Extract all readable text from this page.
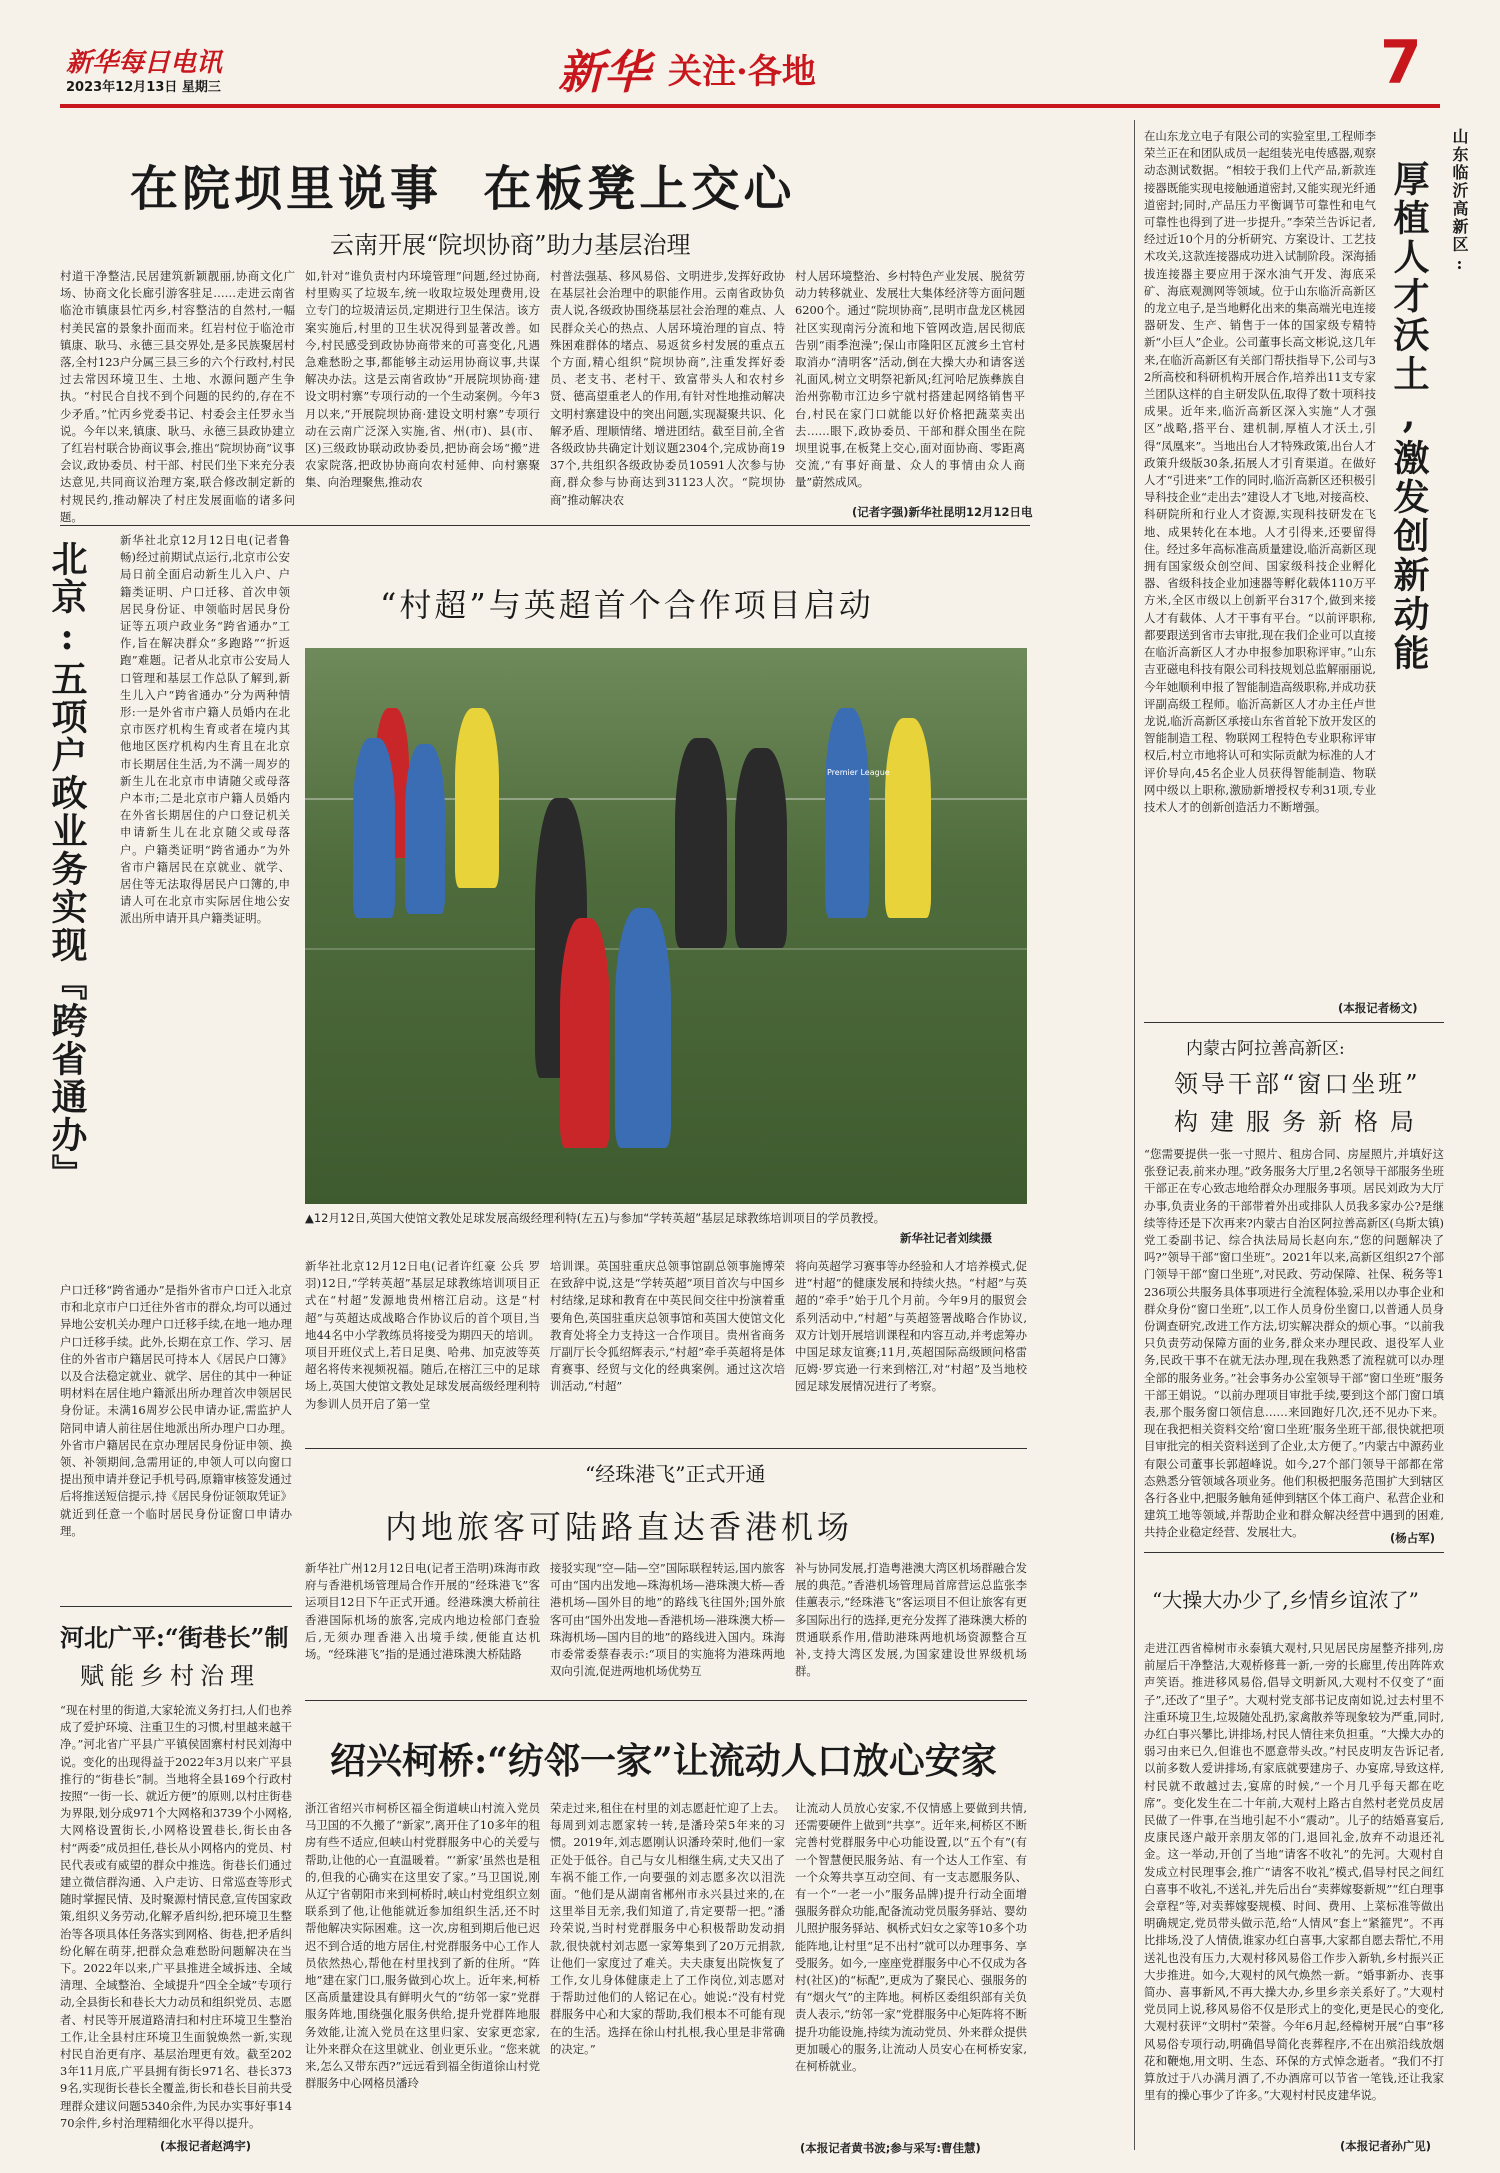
新华每日电讯
2023年12月13日 星期三	新华 关注·各地	7
在院坝里说事  在板凳上交心
云南开展“院坝协商”助力基层治理
村道干净整洁,民居建筑新颖靓丽,协商文化广场、协商文化长廊引游客驻足……走进云南省临沧市镇康县忙丙乡,村容整洁的自然村,一幅村美民富的景象扑面而来。红岩村位于临沧市镇康、耿马、永德三县交界处,是多民族聚居村落,全村123户分属三县三乡的六个行政村,村民过去常因环境卫生、土地、水源问题产生争执。“村民合自找不到个问题的民约的,存在不少矛盾。”忙丙乡党委书记、村委会主任罗永当说。今年以来,镇康、耿马、永德三县政协建立了红岩村联合协商议事会,推出“院坝协商”议事会议,政协委员、村干部、村民们坐下来充分表达意见,共同商议治理方案,联合修改制定新的村规民约,推动解决了村庄发展面临的诸多问题。
如,针对“谁负责村内环境管理”问题,经过协商,村里购买了垃圾车,统一收取垃圾处理费用,设立专门的垃圾清运员,定期进行卫生保洁。该方案实施后,村里的卫生状况得到显著改善。如今,村民感受到政协协商带来的可喜变化,凡遇急难愁盼之事,都能够主动运用协商议事,共谋解决办法。这是云南省政协“开展院坝协商·建设文明村寨”专项行动的一个生动案例。今年3月以来,“开展院坝协商·建设文明村寨”专项行动在云南广泛深入实施,省、州(市)、县(市、区)三级政协联动政协委员,把协商会场“搬”进农家院落,把政协协商向农村延伸、向村寨聚集、向治理聚焦,推动农
村普法强基、移风易俗、文明进步,发挥好政协在基层社会治理中的职能作用。云南省政协负责人说,各级政协围绕基层社会治理的难点、人民群众关心的热点、人居环境治理的盲点、特殊困难群体的堵点、易返贫乡村发展的重点五个方面,精心组织“院坝协商”,注重发挥好委员、老支书、老村干、致富带头人和农村乡贤、德高望重老人的作用,有针对性地推动解决文明村寨建设中的突出问题,实现凝聚共识、化解矛盾、理顺情绪、增进团结。截至目前,全省各级政协共确定计划议题2304个,完成协商1937个,共组织各级政协委员10591人次参与协商,群众参与协商达到31123人次。“院坝协商”推动解决农
村人居环境整治、乡村特色产业发展、脱贫劳动力转移就业、发展壮大集体经济等方面问题6200个。通过“院坝协商”,昆明市盘龙区桃园社区实现南污分流和地下管网改造,居民彻底告别“雨季泡澡”;保山市隆阳区瓦渡乡土官村取消办“清明客”活动,倒在大操大办和请客送礼面风,树立文明祭祀新风;红河哈尼族彝族自治州弥勒市江边乡宁就村搭建起网络销售平台,村民在家门口就能以好价格把蔬菜卖出去……眼下,政协委员、干部和群众围坐在院坝里说事,在板凳上交心,面对面协商、零距离交流,“有事好商量、众人的事情由众人商量”蔚然成风。
(记者字强)新华社昆明12月12日电
北京:五项户政业务实现『跨省通办』	新华社北京12月12日电(记者鲁畅)经过前期试点运行,北京市公安局日前全面启动新生儿入户、户籍类证明、户口迁移、首次申领居民身份证、申领临时居民身份证等五项户政业务“跨省通办”工作,旨在解决群众“多跑路”“折返跑”难题。记者从北京市公安局人口管理和基层工作总队了解到,新生儿入户“跨省通办”分为两种情形:一是外省市户籍人员婚内在北京市医疗机构生育或者在境内其他地区医疗机构内生育且在北京市长期居住生活,为不满一周岁的新生儿在北京市申请随父或母落户本市;二是北京市户籍人员婚内在外省长期居住的户口登记机关申请新生儿在北京随父或母落户。户籍类证明“跨省通办”为外省市户籍居民在京就业、就学、居住等无法取得居民户口簿的,申请人可在北京市实际居住地公安派出所申请开具户籍类证明。
户口迁移“跨省通办”是指外省市户口迁入北京市和北京市户口迁往外省市的群众,均可以通过异地公安机关办理户口迁移手续,在地一地办理户口迁移手续。此外,长期在京工作、学习、居住的外省市户籍居民可持本人《居民户口簿》以及合法稳定就业、就学、居住的其中一种证明材料在居住地户籍派出所办理首次申领居民身份证。未满16周岁公民申请办证,需监护人陪同申请人前往居住地派出所办理户口办理。外省市户籍居民在京办理居民身份证申领、换领、补领期间,急需用证的,申领人可以向窗口提出预申请并登记手机号码,原籍审核签发通过后将推送短信提示,持《居民身份证领取凭证》就近到任意一个临时居民身份证窗口申请办理。
河北广平:“街巷长”制
赋能乡村治理
“现在村里的街道,大家轮流义务打扫,人们也养成了爱护环境、注重卫生的习惯,村里越来越干净。”河北省广平县广平镇侯固寨村村民刘海中说。变化的出现得益于2022年3月以来广平县推行的“街巷长”制。当地将全县169个行政村按照“一街一长、就近方便”的原则,以村庄街巷为界限,划分成971个大网格和3739个小网格,大网格设置街长,小网格设置巷长,街长由各村“两委”成员担任,巷长从小网格内的党员、村民代表或有威望的群众中推选。街巷长们通过建立微信群沟通、入户走访、日常巡查等形式随时掌握民情、及时聚源村情民意,宣传国家政策,组织义务劳动,化解矛盾纠纷,把环境卫生整治等各项具体任务落实到网格、街巷,把矛盾纠纷化解在萌芽,把群众急难愁盼问题解决在当下。2022年以来,广平县推进全域拆违、全域清理、全域整治、全域提升“四全全域”专项行动,全县街长和巷长大力动员和组织党员、志愿者、村民等开展道路清扫和村庄环境卫生整治工作,让全县村庄环境卫生面貌焕然一新,实现村民自治更有序、基层治理更有效。截至2023年11月底,广平县拥有街长971名、巷长3739名,实现街长巷长全覆盖,街长和巷长目前共受理群众建议问题5340余件,为民办实事好事1470余件,乡村治理精细化水平得以提升。
(本报记者赵鸿宇)
“村超”与英超首个合作项目启动
Premier League
▲12月12日,英国大使馆文教处足球发展高级经理利特(左五)与参加“学转英超”基层足球教练培训项目的学员教授。
新华社记者刘续摄
新华社北京12月12日电(记者许红豪 公兵 罗羽)12日,“学转英超”基层足球教练培训项目正式在“村超”发源地贵州榕江启动。这是“村超”与英超达成战略合作协议后的首个项目,当地44名中小学教练员将接受为期四天的培训。项目开班仪式上,若日足奥、哈弗、加克波等英超名将传来视频祝福。随后,在榕江三中的足球场上,英国大使馆文教处足球发展高级经理利特为参训人员开启了第一堂
培训课。英国驻重庆总领事馆副总领事施博荣在致辞中说,这是“学转英超”项目首次与中国乡村结缘,足球和教育在中英民间交往中扮演着重要角色,英国驻重庆总领事馆和英国大使馆文化教育处将全力支持这一合作项目。贵州省商务厅副厅长令狐绍辉表示,“村超”牵手英超将是体育赛事、经贸与文化的经典案例。通过这次培训活动,“村超”
将向英超学习赛事等办经验和人才培养模式,促进“村超”的健康发展和持续火热。“村超”与英超的“牵手”始于几个月前。今年9月的服贸会系列活动中,“村超”与英超签署战略合作协议,双方计划开展培训课程和内容互动,并考虑筹办中国足球友谊赛;11月,英超国际高级顾问格雷厄姆·罗宾逊一行来到榕江,对“村超”及当地校园足球发展情况进行了考察。
“经珠港飞”正式开通
内地旅客可陆路直达香港机场
新华社广州12月12日电(记者王浩明)珠海市政府与香港机场管理局合作开展的“经珠港飞”客运项目12日下午正式开通。经港珠澳大桥前往香港国际机场的旅客,完成内地边检部门查验后,无须办理香港入出境手续,便能直达机场。“经珠港飞”指的是通过港珠澳大桥陆路
接驳实现“空—陆—空”国际联程转运,国内旅客可由“国内出发地—珠海机场—港珠澳大桥—香港机场—国外目的地”的路线飞往国外;国外旅客可由“国外出发地—香港机场—港珠澳大桥—珠海机场—国内目的地”的路线进入国内。珠海市委常委蔡春表示:“项目的实施将为港珠两地双向引流,促进两地机场优势互
补与协同发展,打造粤港澳大湾区机场群融合发展的典范。”香港机场管理局首席营运总监张李佳蕙表示,“经珠港飞”客运项目不但让旅客有更多国际出行的选择,更充分发挥了港珠澳大桥的贯通联系作用,借助港珠两地机场资源整合互补,支持大湾区发展,为国家建设世界级机场群。
绍兴柯桥:“纺邻一家”让流动人口放心安家
浙江省绍兴市柯桥区福全街道峡山村流入党员马卫国的不久搬了“新家”,离开住了10多年的租房有些不适应,但峡山村党群服务中心的关爱与帮助,让他的心一直温暖着。“‘新家’虽然也是租的,但我的心确实在这里安了家。”马卫国说,刚从辽宁省朝阳市来到柯桥时,峡山村党组织立刻联系到了他,让他能就近参加组织生活,还不时帮他解决实际困难。这一次,房租到期后他已迟迟不到合适的地方居住,村党群服务中心工作人员依然热心,帮他在村里找到了新的住所。“阵地”建在家门口,服务做到心坎上。近年来,柯桥区高质量建设具有鲜明火气的“纺邻一家”党群服务阵地,围绕强化服务供给,提升党群阵地服务效能,让流入党员在这里归家、安家更恋家,让外来群众在这里就业、创业更乐业。“您来就来,怎么又带东西?”远远看到福全街道徐山村党群服务中心网格员潘玲
荣走过来,租住在村里的刘志愿赶忙迎了上去。每周到刘志愿家转一转,是潘玲荣5年来的习惯。2019年,刘志愿刚认识潘玲荣时,他们一家正处于低谷。自己与女儿相继生病,丈夫又出了车祸不能工作,一向要强的刘志愿多次以泪洗面。“他们是从湖南省郴州市永兴县过来的,在这里举目无亲,我们知道了,肯定要帮一把。”潘玲荣说,当时村党群服务中心积极帮助发动捐款,很快就村刘志愿一家筹集到了20万元捐款,让他们一家度过了难关。夫夫康复出院恢复了工作,女儿身体健康走上了工作岗位,刘志愿对于帮助过他们的人铭记在心。她说:“没有村党群服务中心和大家的帮助,我们根本不可能有现在的生活。选择在徐山村扎根,我心里是非常确的决定。”
让流动人员放心安家,不仅情感上要做到共情,还需要硬件上做到“共享”。近年来,柯桥区不断完善村党群服务中心功能设置,以“五个有”(有一个智慧便民服务站、有一个达人工作室、有一个众筹共享互动空间、有一支志愿服务队、有一个“一老一小”服务品牌)提升行动全面增强服务群众功能,配备流动党员服务驿站、婴幼儿照护服务驿站、枫桥式妇女之家等10多个功能阵地,让村里“足不出村”就可以办理事务、享受服务。如今,一座座党群服务中心不仅成为各村(社区)的“标配”,更成为了聚民心、强服务的有“烟火气”的主阵地。柯桥区委组织部有关负责人表示,“纺邻一家”党群服务中心矩阵将不断提升功能设施,持续为流动党员、外来群众提供更加暖心的服务,让流动人员安心在柯桥安家,在柯桥就业。
(本报记者黄书波;参与采写:曹佳慧)
在山东龙立电子有限公司的实验室里,工程师李荣兰正在和团队成员一起组装光电传感器,观察动态测试数据。“相较于我们上代产品,新款连接器既能实现电接触通道密封,又能实现光纤通道密封;同时,产品压力平衡调节可靠性和电气可靠性也得到了进一步提升。”李荣兰告诉记者,经过近10个月的分析研究、方案设计、工艺技术攻关,这款连接器成功进入试制阶段。深海插拔连接器主要应用于深水油气开发、海底采矿、海底观测网等领域。位于山东临沂高新区的龙立电子,是当地孵化出来的集高端光电连接器研发、生产、销售于一体的国家级专精特新“小巨人”企业。公司董事长高文彬说,这几年来,在临沂高新区有关部门帮扶指导下,公司与32所高校和科研机构开展合作,培养出11支专家兰团队这样的自主研发队伍,取得了数十项科技成果。近年来,临沂高新区深入实施“人才强区”战略,搭平台、建机制,厚植人才沃土,引得“凤凰来”。当地出台人才特殊政策,出台人才政策升级版30条,拓展人才引育渠道。在做好人才“引进来”工作的同时,临沂高新区还积极引导科技企业“走出去”建设人才飞地,对接高校、科研院所和行业人才资源,实现科技研发在飞地、成果转化在本地。人才引得来,还要留得住。经过多年高标准高质量建设,临沂高新区现拥有国家级众创空间、国家级科技企业孵化器、省级科技企业加速器等孵化载体110万平方米,全区市级以上创新平台317个,做到来接人才有载体、人才干事有平台。“以前评职称,都要跟送到省市去审批,现在我们企业可以直接在临沂高新区人才办申报参加职称评审。”山东吉亚磁电科技有限公司科技规划总监解丽丽说,今年她顺利申报了智能制造高级职称,并成功获评副高级工程师。临沂高新区人才办主任卢世龙说,临沂高新区承接山东省首轮下放开发区的智能制造工程、物联网工程特色专业职称评审权后,村立市地将认可和实际贡献为标准的人才评价导向,45名企业人员获得智能制造、物联网中级以上职称,激励新增授权专利31项,专业技术人才的创新创造活力不断增强。
山东临沂高新区:
厚植人才沃土,激发创新动能
(本报记者杨文)
内蒙古阿拉善高新区:
领导干部“窗口坐班”
构建服务新格局
“您需要提供一张一寸照片、租房合同、房屋照片,并填好这张登记表,前来办理。”政务服务大厅里,2名领导干部服务坐班干部正在专心致志地给群众办理服务事项。居民刘政为大厅办事,负责业务的干部带着外出或排队人员我多家办公?是继续等待还是下次再来?内蒙古自治区阿拉善高新区(乌斯太镇)党工委副书记、综合执法局局长赵向东,“您的问题解决了吗?”领导干部“窗口坐班”。2021年以来,高新区组织27个部门领导干部“窗口坐班”,对民政、劳动保障、社保、税务等1236项公共服务具体事项进行全流程体验,采用以办事企业和群众身份“窗口坐班”,以工作人员身份坐窗口,以普通人员身份调查研究,改进工作方法,切实解决群众的烦心事。“以前我只负责劳动保障方面的业务,群众来办理民政、退役军人业务,民政干事不在就无法办理,现在我熟悉了流程就可以办理全部的服务业务。”社会事务办公室领导干部“窗口坐班”服务干部王娟说。“以前办理项目审批手续,要到这个部门窗口填表,那个服务窗口领信息……来回跑好几次,还不见办下来。现在我把相关资料交给‘窗口坐班’服务坐班干部,很快就把项目审批完的相关资料送到了企业,太方便了。”内蒙古中源药业有限公司董事长郭超峰说。如今,27个部门领导干部都在常态熟悉分管领域各项业务。他们积极把服务范围扩大到辖区各行各业中,把服务触角延伸到辖区个体工商户、私营企业和建筑工地等领域,并帮助企业和群众解决经营中遇到的困难,共持企业稳定经营、发展壮大。	(杨占军)
“大操大办少了,乡情乡谊浓了”
走进江西省樟树市永泰镇大观村,只见居民房屋整齐排列,房前屋后干净整洁,大观桥修葺一新,一旁的长廊里,传出阵阵欢声笑语。推进移风易俗,倡导文明新风,大观村不仅变了“面子”,还改了“里子”。大观村党支部书记皮南如说,过去村里不注重环境卫生,垃圾随处乱扔,家禽散养等现象较为严重,同时,办红白事兴攀比,讲排场,村民人情往来负担重。“大操大办的弱习由来已久,但谁也不愿意带头改。”村民皮明友告诉记者,以前多数人爱讲排场,有家底就要建房子、办宴席,导致这样,村民就不敢越过去,宴席的时候,“一个月几乎每天都在吃席”。变化发生在二十年前,大观村上路古自然村老党员皮居民做了一件事,在当地引起不小“震动”。儿子的结婚喜宴后,皮康民逐户敲开亲朋友邻的门,退回礼金,放弃不动退还礼金。这一举动,开创了当地“请客不收礼”的先河。大观村自发成立村民理事会,推广“请客不收礼”模式,倡导村民之间红白喜事不收礼,不送礼,并先后出台“卖葬嫁娶新规”“红白理事会章程”等,对卖葬嫁娶规模、时间、费用、上菜标准等做出明确规定,党员带头做示范,给“人情风”套上“紧箍咒”。不再比排场,没了人情债,谁家办红白喜事,大家都自愿去帮忙,不用送礼也没有压力,大观村移风易俗工作步入新轨,乡村振兴正大步推进。如今,大观村的风气焕然一新。“婚事新办、丧事简办、喜事新风,不再大操大办,乡里乡亲关系好了。”大观村党员同上说,移风易俗不仅是形式上的变化,更是民心的变化,大观村获评“文明村”荣誉。今年6月起,经樟树开展“白事”移风易俗专项行动,明确倡导简化丧葬程序,不在出殡沿线放烟花和鞭炮,用文明、生态、环保的方式悼念逝者。“我们不打算放过于八办满月酒了,不办酒席可以节省一笔钱,还让我家里有的操心事少了许多。”大观村村民皮建华说。
(本报记者孙广见)
